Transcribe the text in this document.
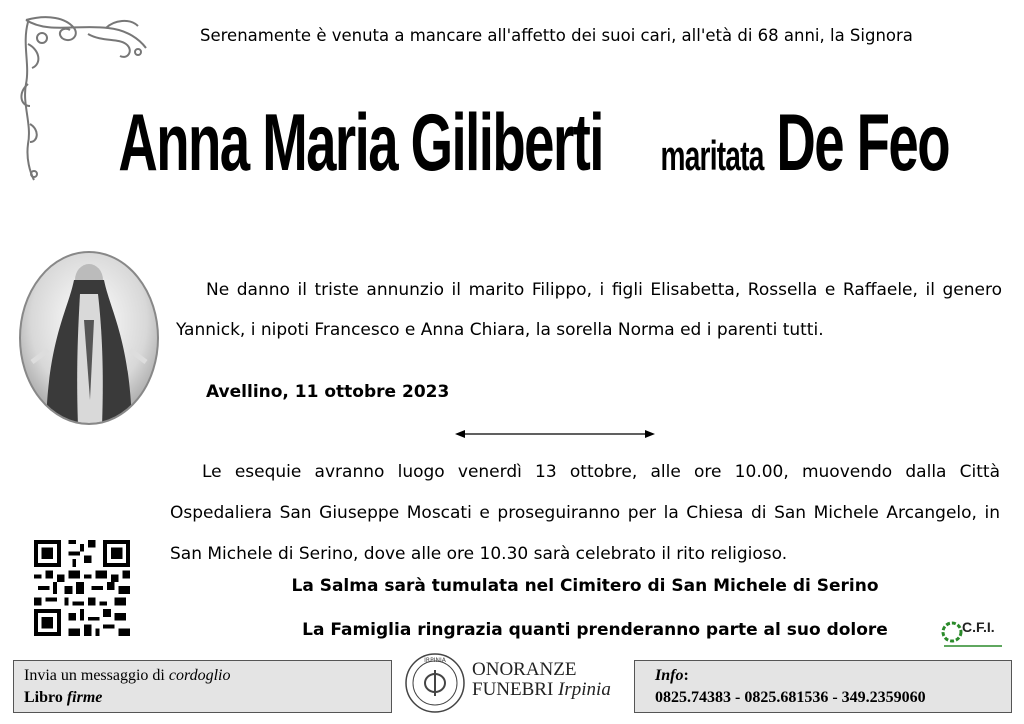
Serenamente è venuta a mancare all'affetto dei suoi cari, all'età di 68 anni, la Signora
Anna Maria Giliberti maritata De Feo
Ne danno il triste annunzio il marito Filippo, i figli Elisabetta, Rossella e Raffaele, il genero Yannick, i nipoti Francesco e Anna Chiara, la sorella Norma ed i parenti tutti.
Avellino, 11 ottobre 2023
Le esequie avranno luogo venerdì 13 ottobre, alle ore 10.00, muovendo dalla Città Ospedaliera San Giuseppe Moscati e proseguiranno per la Chiesa di San Michele Arcangelo, in San Michele di Serino, dove alle ore 10.30 sarà celebrato il rito religioso.
La Salma sarà tumulata nel Cimitero di San Michele di Serino
La Famiglia ringrazia quanti prenderanno parte al suo dolore	C.F.I.
Invia un messaggio di cordoglio
Libro firme
IRPINIA ONORANZE
FUNEBRI Irpinia
Info:
0825.74383 - 0825.681536 - 349.2359060
